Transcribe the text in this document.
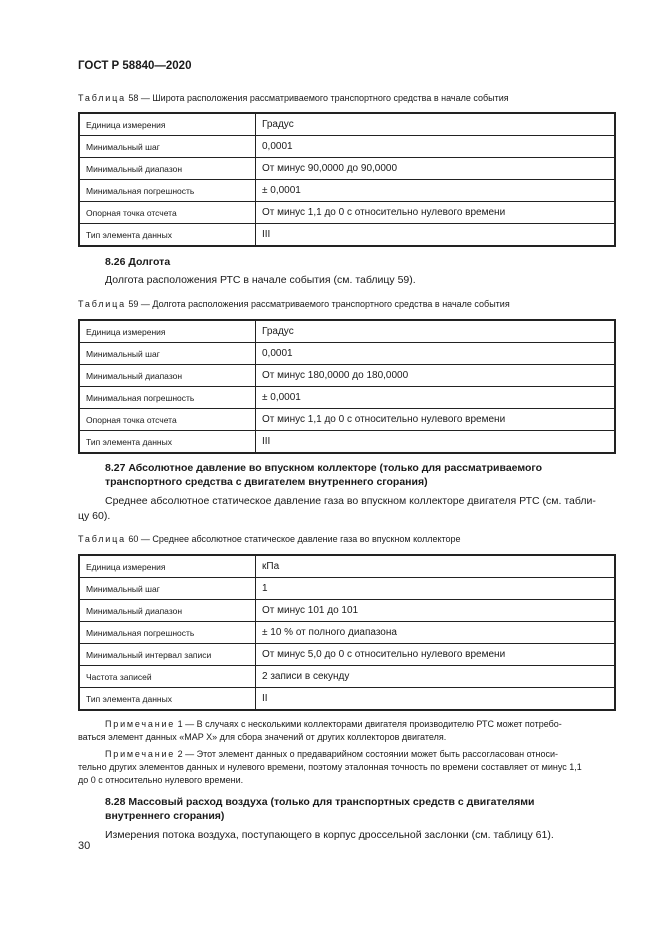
ГОСТ Р 58840—2020
Таблица 58 — Широта расположения рассматриваемого транспортного средства в начале события
Единица измерения	Градус
Минимальный шаг	0,0001
Минимальный диапазон	От минус 90,0000 до 90,0000
Минимальная погрешность	± 0,0001
Опорная точка отсчета	От минус 1,1 до 0 с относительно нулевого времени
Тип элемента данных	III
8.26 Долгота
Долгота расположения РТС в начале события (см. таблицу 59).
Таблица 59 — Долгота расположения рассматриваемого транспортного средства в начале события
Единица измерения	Градус
Минимальный шаг	0,0001
Минимальный диапазон	От минус 180,0000 до 180,0000
Минимальная погрешность	± 0,0001
Опорная точка отсчета	От минус 1,1 до 0 с относительно нулевого времени
Тип элемента данных	III
8.27 Абсолютное давление во впускном коллекторе (только для рассматриваемого
транспортного средства с двигателем внутреннего сгорания)
Среднее абсолютное статическое давление газа во впускном коллекторе двигателя РТС (см. табли-
цу 60).
Таблица 60 — Среднее абсолютное статическое давление газа во впускном коллекторе
Единица измерения	кПа
Минимальный шаг	1
Минимальный диапазон	От минус 101 до 101
Минимальная погрешность	± 10 % от полного диапазона
Минимальный интервал записи	От минус 5,0 до 0 с относительно нулевого времени
Частота записей	2 записи в секунду
Тип элемента данных	II
Примечание 1 — В случаях с несколькими коллекторами двигателя производителю РТС может потребо-
ваться элемент данных «MAP X» для сбора значений от других коллекторов двигателя.
Примечание 2 — Этот элемент данных о предаварийном состоянии может быть рассогласован относи-
тельно других элементов данных и нулевого времени, поэтому эталонная точность по времени составляет от минус 1,1
до 0 с относительно нулевого времени.
8.28 Массовый расход воздуха (только для транспортных средств с двигателями
внутреннего сгорания)
Измерения потока воздуха, поступающего в корпус дроссельной заслонки (см. таблицу 61).
30
